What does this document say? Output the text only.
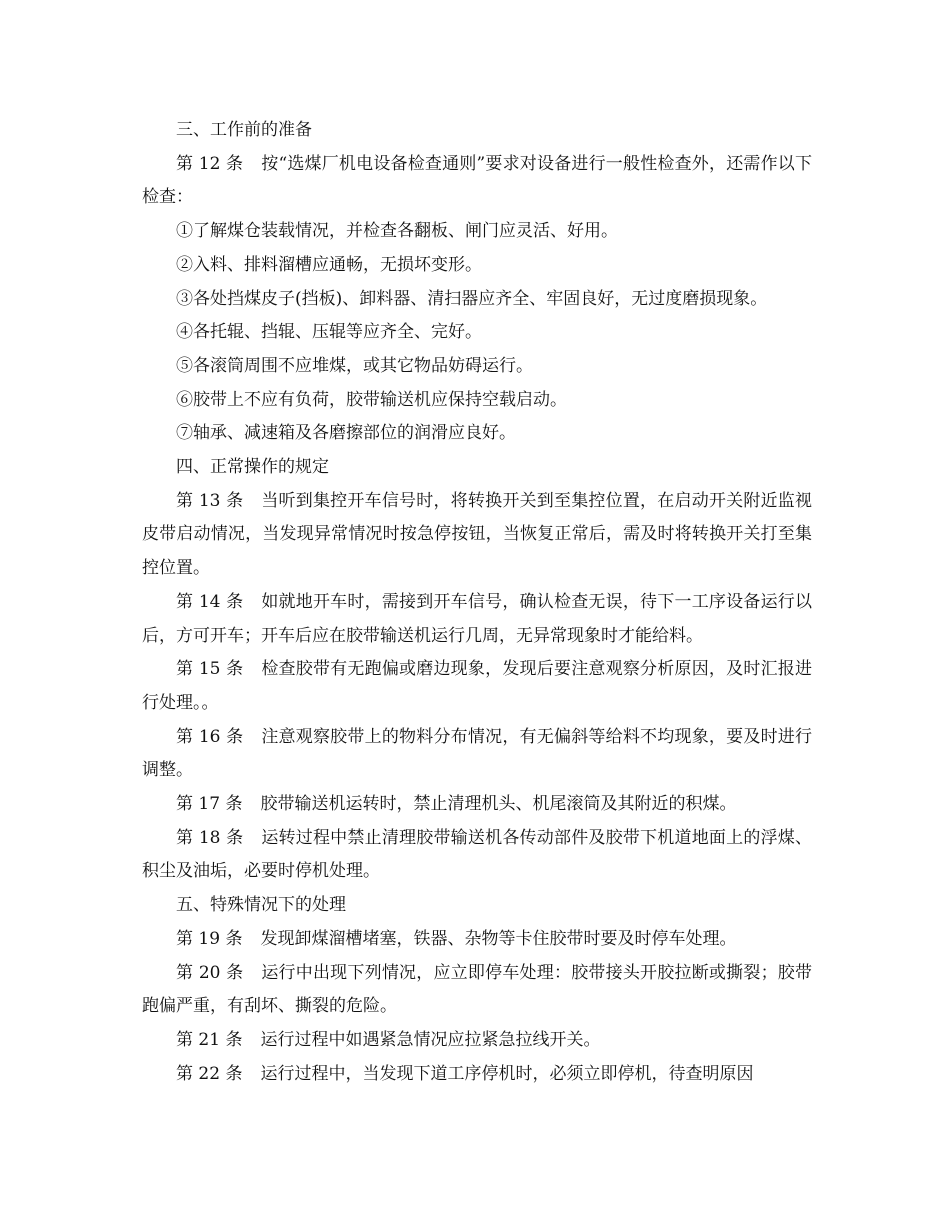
三、工作前的准备

第 12 条 按“选煤厂机电设备检查通则”要求对设备进行一般性检查外，还需作以下检查：

①了解煤仓装载情况，并检查各翻板、闸门应灵活、好用。

②入料、排料溜槽应通畅，无损坏变形。

③各处挡煤皮子(挡板)、卸料器、清扫器应齐全、牢固良好，无过度磨损现象。

④各托辊、挡辊、压辊等应齐全、完好。

⑤各滚筒周围不应堆煤，或其它物品妨碍运行。

⑥胶带上不应有负荷，胶带输送机应保持空载启动。

⑦轴承、减速箱及各磨擦部位的润滑应良好。

四、正常操作的规定

第 13 条 当听到集控开车信号时，将转换开关到至集控位置，在启动开关附近监视皮带启动情况，当发现异常情况时按急停按钮，当恢复正常后，需及时将转换开关打至集控位置。

第 14 条 如就地开车时，需接到开车信号，确认检查无误，待下一工序设备运行以后，方可开车；开车后应在胶带输送机运行几周，无异常现象时才能给料。

第 15 条 检查胶带有无跑偏或磨边现象，发现后要注意观察分析原因，及时汇报进行处理。。

第 16 条 注意观察胶带上的物料分布情况，有无偏斜等给料不均现象，要及时进行调整。

第 17 条 胶带输送机运转时，禁止清理机头、机尾滚筒及其附近的积煤。

第 18 条 运转过程中禁止清理胶带输送机各传动部件及胶带下机道地面上的浮煤、积尘及油垢，必要时停机处理。

五、特殊情况下的处理

第 19 条 发现卸煤溜槽堵塞，铁器、杂物等卡住胶带时要及时停车处理。

第 20 条 运行中出现下列情况，应立即停车处理：胶带接头开胶拉断或撕裂；胶带跑偏严重，有刮坏、撕裂的危险。

第 21 条 运行过程中如遇紧急情况应拉紧急拉线开关。

第 22 条 运行过程中，当发现下道工序停机时，必须立即停机，待查明原因
